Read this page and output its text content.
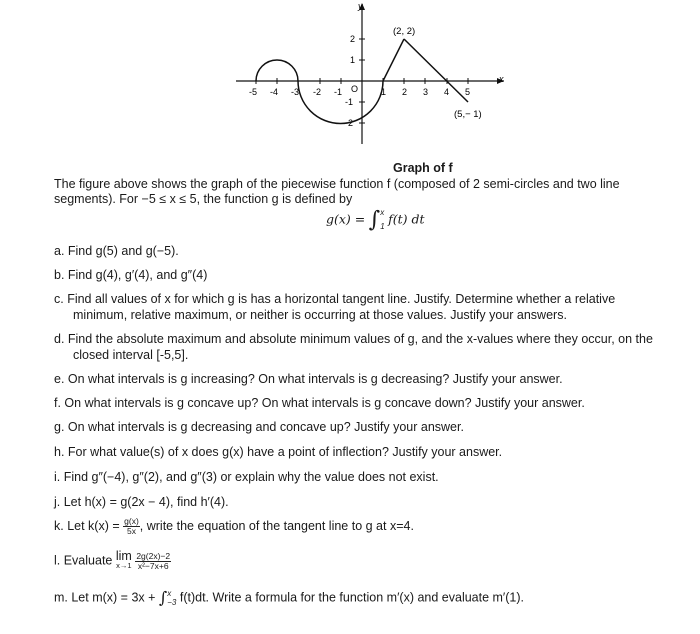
x
y
-5 -4 -3 -2 -1 O	1 2 3 4 5
2
1
-1
-2
(2, 2)
(5,− 1)
Graph of f
The figure above shows the graph of the piecewise function f (composed of 2 semi-circles and two line
segments). For −5 ≤ x ≤ 5, the function g is defined by
g(x) = ∫ x
1
f(t) dt
a. Find g(5) and g(−5).
b. Find g(4), g′(4), and g″(4)
c. Find all values of x for which g is has a horizontal tangent line. Justify. Determine whether a relative
minimum, relative maximum, or neither is occurring at those values. Justify your answers.
d. Find the absolute maximum and absolute minimum values of g, and the x-values where they occur, on the
closed interval [-5,5].
e. On what intervals is g increasing? On what intervals is g decreasing? Justify your answer.
f. On what intervals is g concave up? On what intervals is g concave down? Justify your answer.
g. On what intervals is g decreasing and concave up? Justify your answer.
h. For what value(s) of x does g(x) have a point of inflection? Justify your answer.
i. Find g″(−4), g″(2), and g″(3) or explain why the value does not exist.
j. Let h(x) = g(2x − 4), find h′(4).
k. Let $k(x) = \frac{g(x)}{5x}$ , write the equation of the tangent line to g at x=4.
l. Evaluate lim
x→1
$\frac{2g(2x)-2}{\text{x²−7x+6}}$
m. Let m(x) = 3x + ∫ x
−3 f(t)dt. Write a formula for the function m′(x) and evaluate m′(1).
